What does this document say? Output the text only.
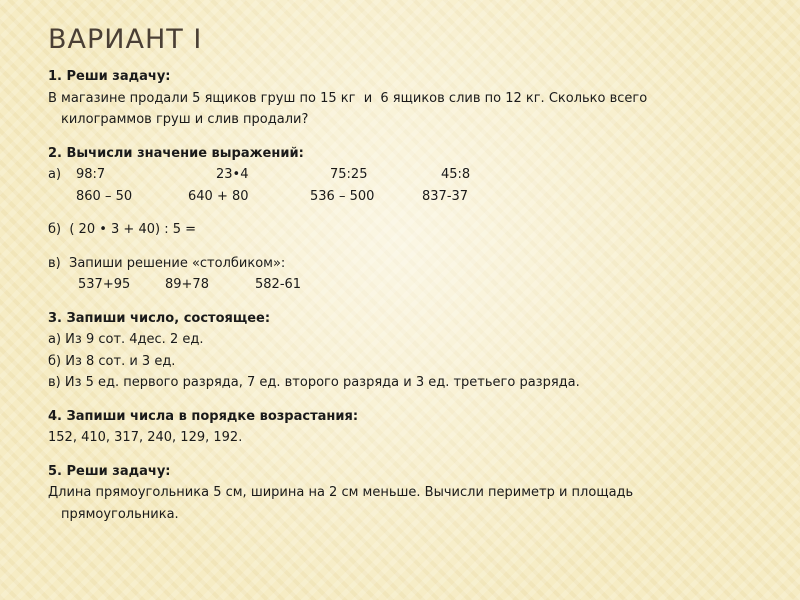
ВАРИАНТ I
1. Реши задачу:
В магазине продали 5 ящиков груш по 15 кг  и  6 ящиков слив по 12 кг. Сколько всего
килограммов груш и слив продали?
2. Вычисли значение выражений:
а)	98:7	23•4	75:25	45:8
860 – 50	640 + 80	536 – 500	837-37
б)  ( 20 • 3 + 40) : 5 =
в)  Запиши решение «столбиком»:
537+95	89+78	582-61
3. Запиши число, состоящее:
а) Из 9 сот. 4дес. 2 ед.
б) Из 8 сот. и 3 ед.
в) Из 5 ед. первого разряда, 7 ед. второго разряда и 3 ед. третьего разряда.
4. Запиши числа в порядке возрастания:
152, 410, 317, 240, 129, 192.
5. Реши задачу:
Длина прямоугольника 5 см, ширина на 2 см меньше. Вычисли периметр и площадь
прямоугольника.
